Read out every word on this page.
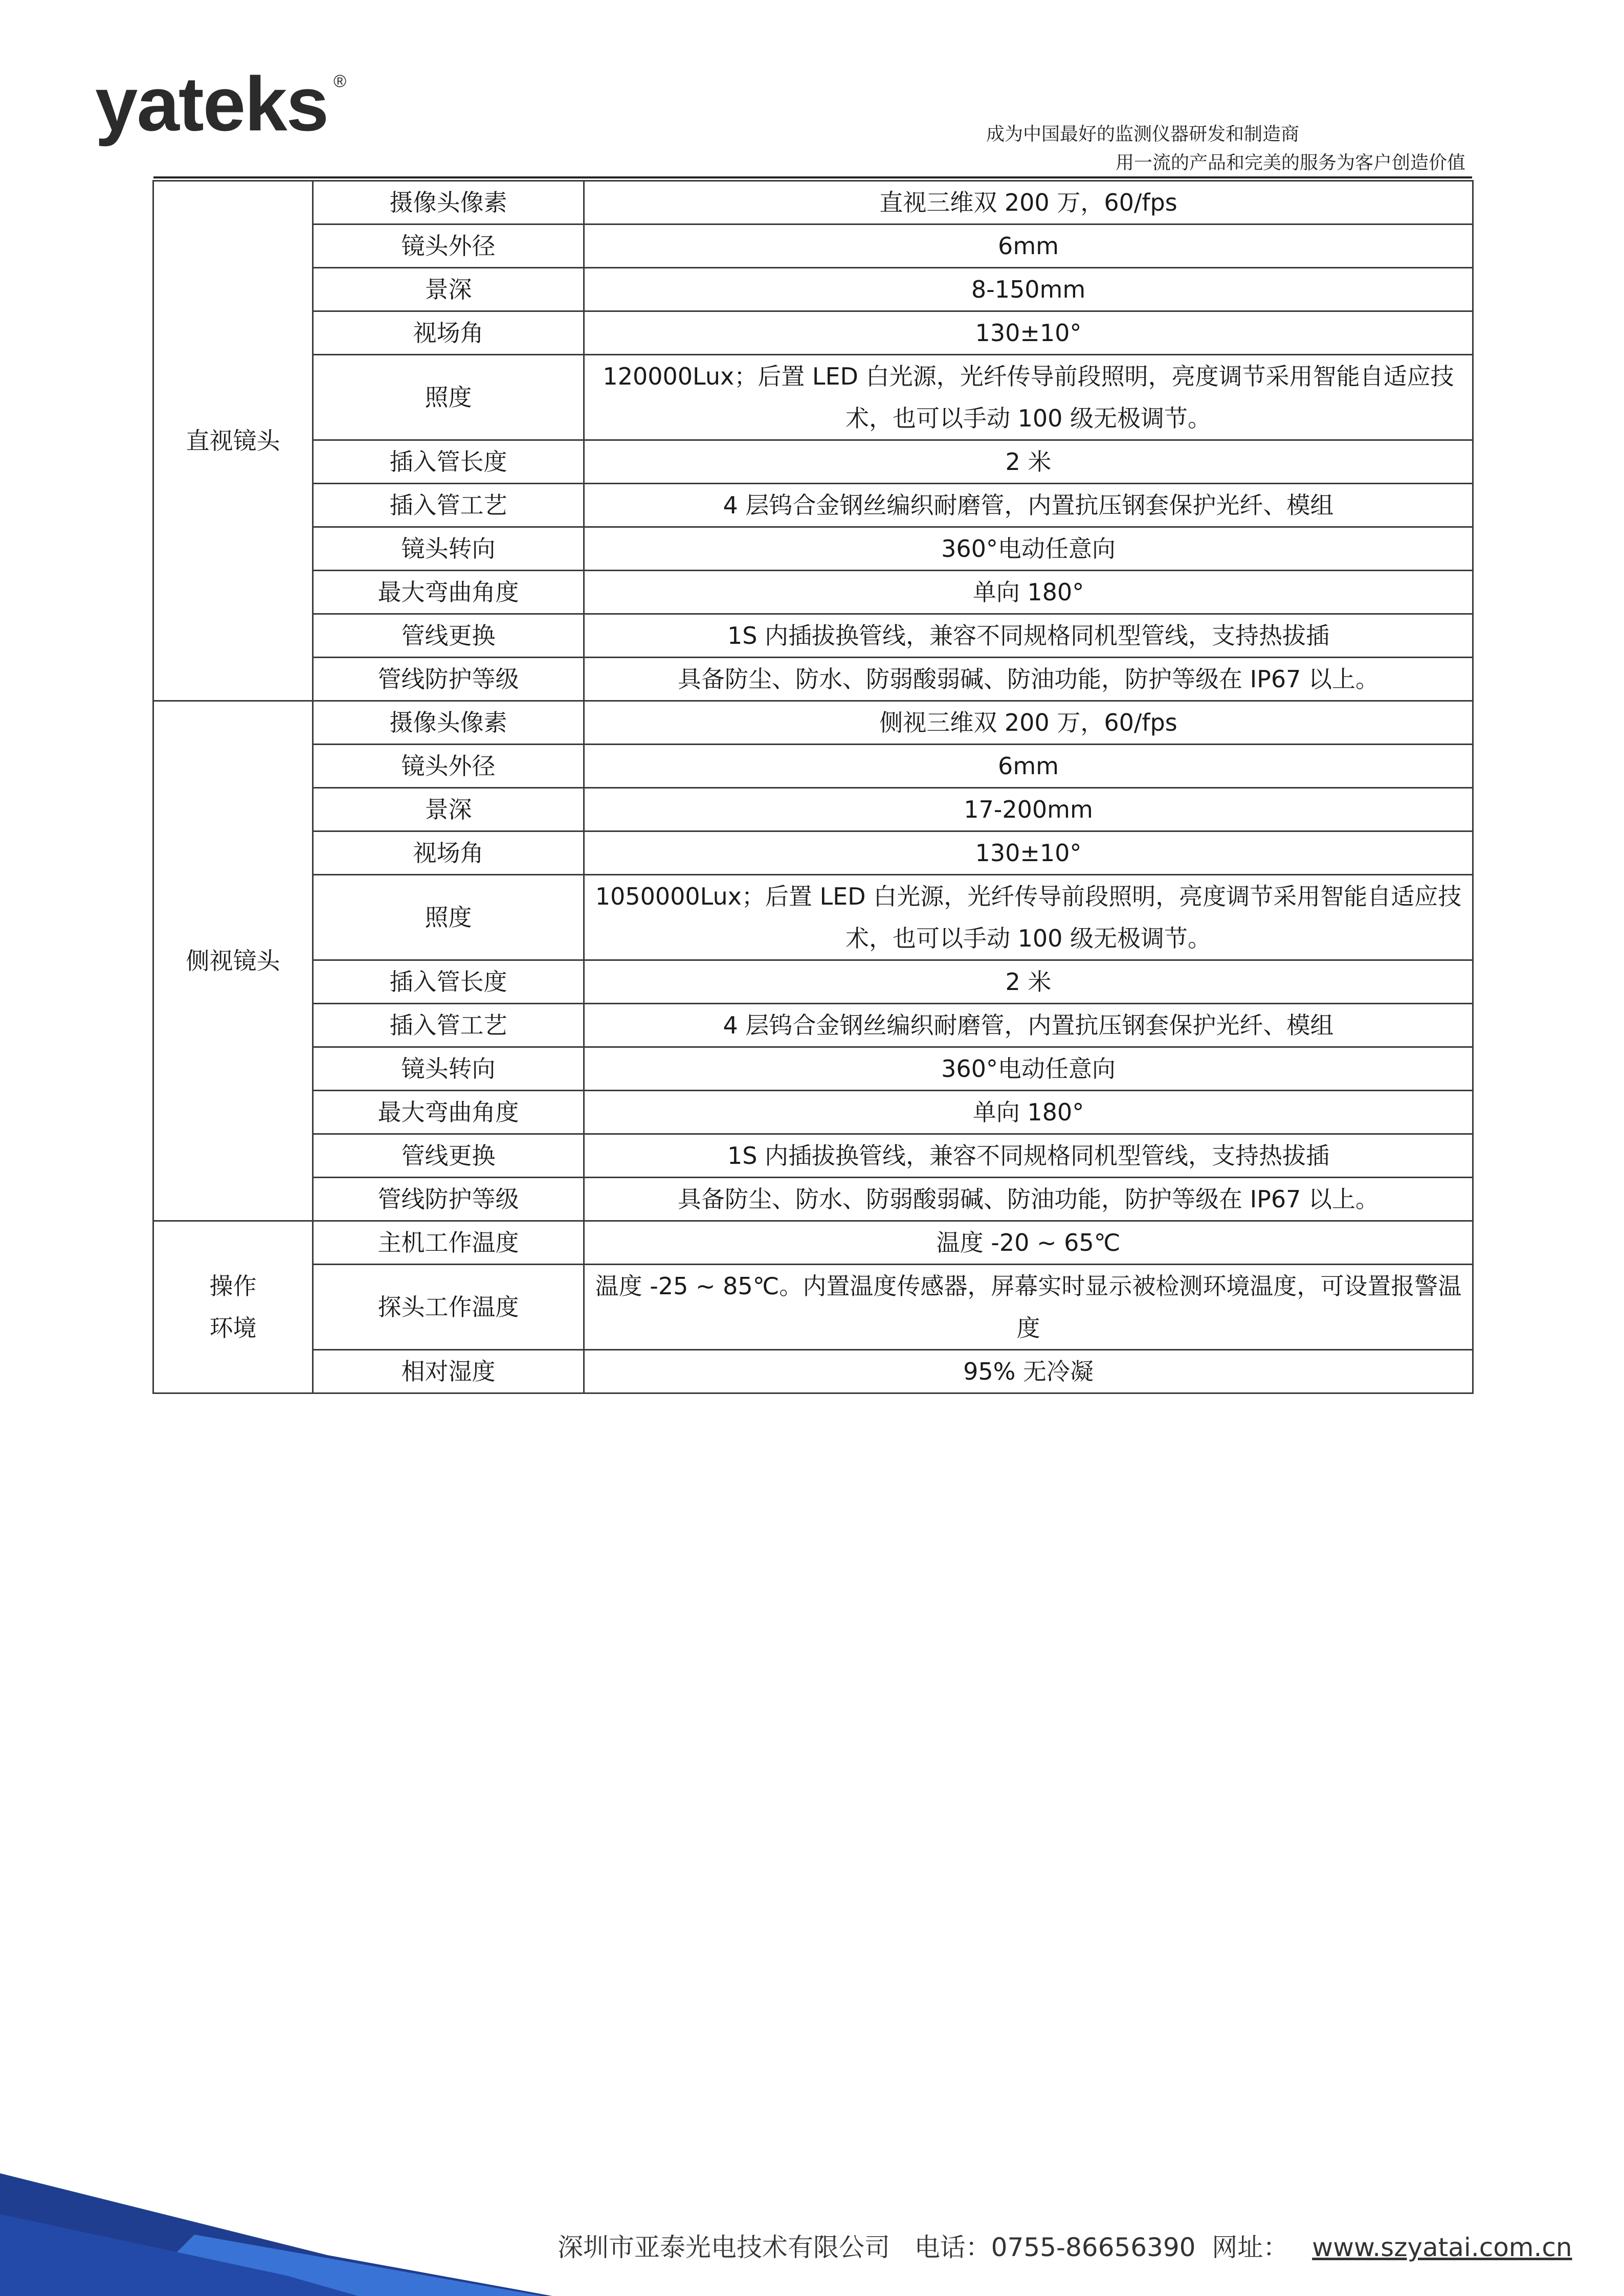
yateks ®
成为中国最好的监测仪器研发和制造商
用一流的产品和完美的服务为客户创造价值
直视镜头	摄像头像素	直视三维双 200 万，60/fps
	镜头外径	6mm
	景深	8-150mm
	视场角	130±10°
	照度	120000Lux；后置 LED 白光源，光纤传导前段照明，亮度调节采用智能自适应技术，也可以手动 100 级无极调节。
	插入管长度	2 米
	插入管工艺	4 层钨合金钢丝编织耐磨管，内置抗压钢套保护光纤、模组
	镜头转向	360°电动任意向
	最大弯曲角度	单向 180°
	管线更换	1S 内插拔换管线，兼容不同规格同机型管线，支持热拔插
	管线防护等级	具备防尘、防水、防弱酸弱碱、防油功能，防护等级在 IP67 以上。
侧视镜头	摄像头像素	侧视三维双 200 万，60/fps
	镜头外径	6mm
	景深	17-200mm
	视场角	130±10°
	照度	1050000Lux；后置 LED 白光源，光纤传导前段照明，亮度调节采用智能自适应技术，也可以手动 100 级无极调节。
	插入管长度	2 米
	插入管工艺	4 层钨合金钢丝编织耐磨管，内置抗压钢套保护光纤、模组
	镜头转向	360°电动任意向
	最大弯曲角度	单向 180°
	管线更换	1S 内插拔换管线，兼容不同规格同机型管线，支持热拔插
	管线防护等级	具备防尘、防水、防弱酸弱碱、防油功能，防护等级在 IP67 以上。
操作 环境	主机工作温度	温度 -20 ~ 65℃
	探头工作温度	温度 -25 ~ 85℃。内置温度传感器，屏幕实时显示被检测环境温度，可设置报警温度
	相对湿度	95% 无冷凝
深圳市亚泰光电技术有限公司 电话：0755-86656390 网址： www.szyatai.com.cn
